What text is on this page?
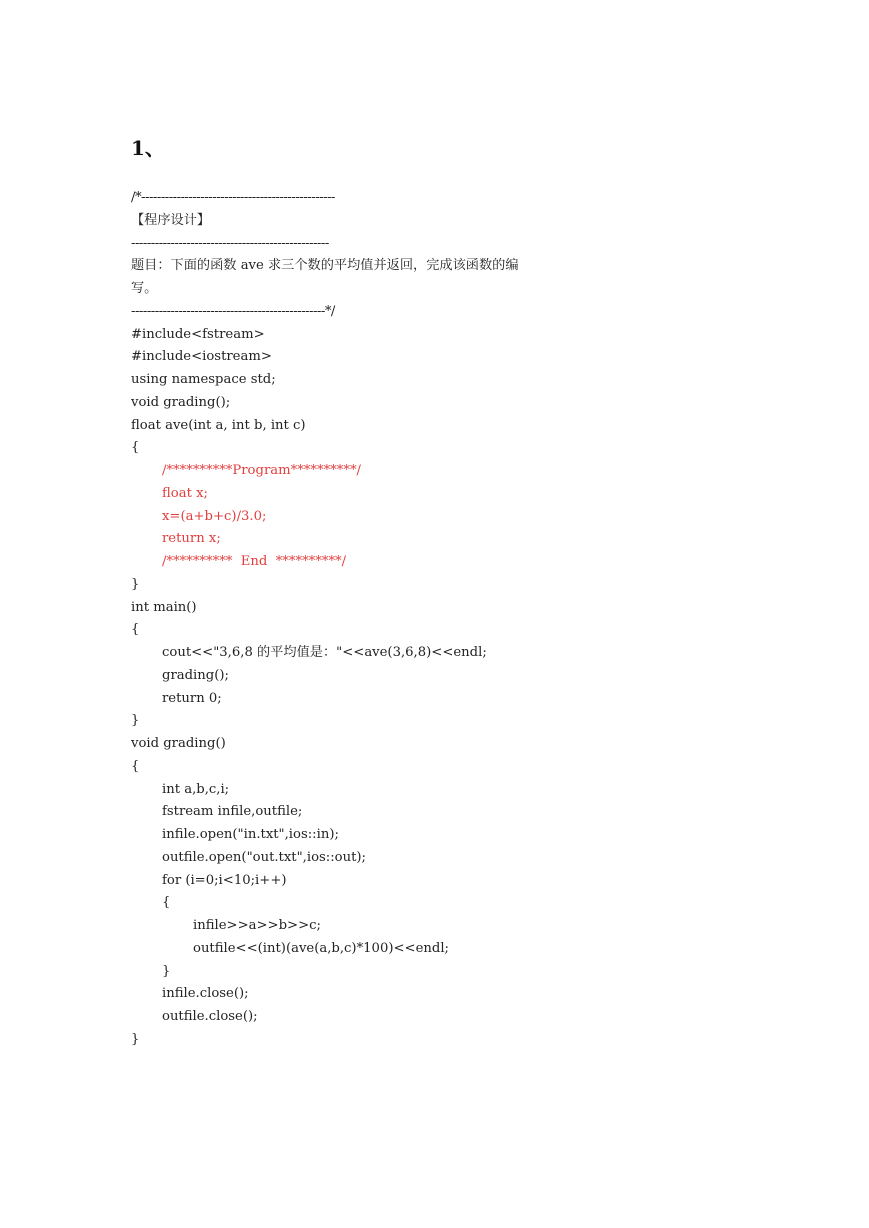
1、
/*-------------------------------------------------
【程序设计】
--------------------------------------------------
题目：下面的函数 ave 求三个数的平均值并返回，完成该函数的编写。
-------------------------------------------------*/
#include<fstream>
#include<iostream>
using namespace std;
void grading();
float ave(int a, int b, int c)
{
/**********Program**********/
float x;
x=(a+b+c)/3.0;
return x;
/**********  End  **********/
}
int main()
{
cout<<"3,6,8 的平均值是："<<ave(3,6,8)<<endl;
grading();
return 0;
}
void grading()
{
int a,b,c,i;
fstream infile,outfile;
infile.open("in.txt",ios::in);
outfile.open("out.txt",ios::out);
for (i=0;i<10;i++)
{
infile>>a>>b>>c;
outfile<<(int)(ave(a,b,c)*100)<<endl;
}
infile.close();
outfile.close();
}
